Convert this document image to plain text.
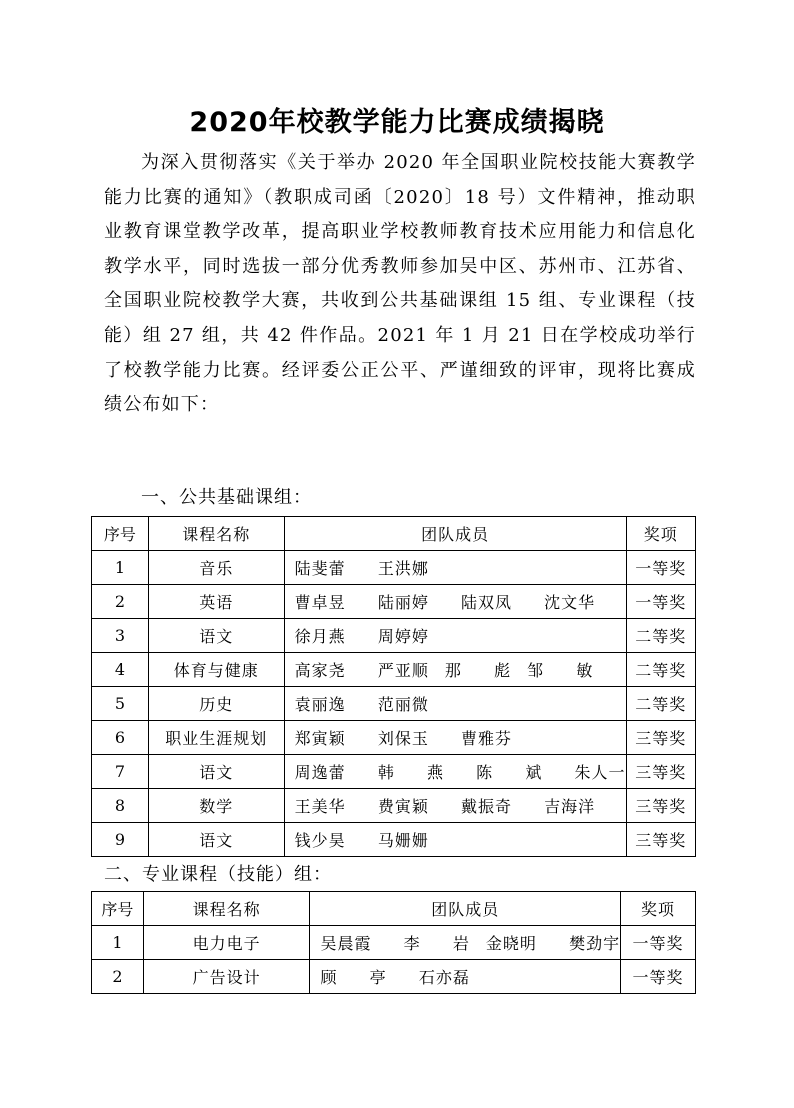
2020年校教学能力比赛成绩揭晓

为深入贯彻落实《关于举办 2020 年全国职业院校技能大赛教学能力比赛的通知》（教职成司函〔2020〕18 号）文件精神，推动职业教育课堂教学改革，提高职业学校教师教育技术应用能力和信息化教学水平，同时选拔一部分优秀教师参加吴中区、苏州市、江苏省、全国职业院校教学大赛，共收到公共基础课组 15 组、专业课程（技能）组 27 组，共 42 件作品。2021 年 1 月 21 日在学校成功举行了校教学能力比赛。经评委公正公平、严谨细致的评审，现将比赛成绩公布如下：

一、公共基础课组：

序号	课程名称	团队成员	奖项
1	音乐	陆斐蕾  王洪娜	一等奖
2	英语	曹卓昱  陆丽婷  陆双凤  沈文华	一等奖
3	语文	徐月燕  周婷婷	二等奖
4	体育与健康	高家尧  严亚顺 那  彪 邹  敏	二等奖
5	历史	袁丽逸  范丽微	二等奖
6	职业生涯规划	郑寅颖  刘保玉  曹雅芬	三等奖
7	语文	周逸蕾  韩  燕  陈  斌  朱人一	三等奖
8	数学	王美华  费寅颖  戴振奇  吉海洋	三等奖
9	语文	钱少昊  马姗姗	三等奖

二、专业课程（技能）组：

序号	课程名称	团队成员	奖项
1	电力电子	吴晨霞  李  岩 金晓明  樊劲宇	一等奖
2	广告设计	顾  亭  石亦磊	一等奖
